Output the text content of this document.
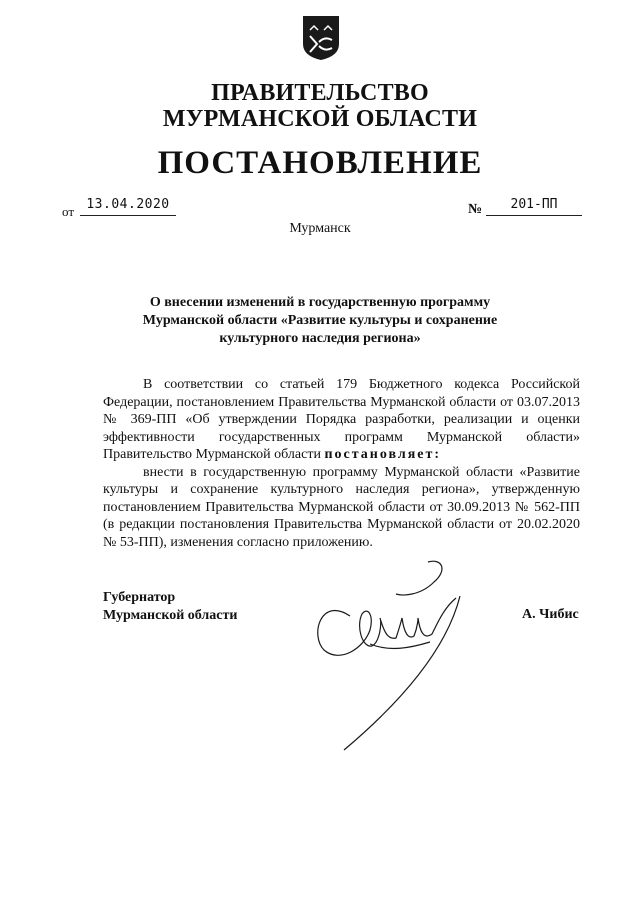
ПРАВИТЕЛЬСТВО
МУРМАНСКОЙ ОБЛАСТИ
ПОСТАНОВЛЕНИЕ
от 13.04.2020	№	201-ПП
Мурманск
О внесении изменений в государственную программу
Мурманской области «Развитие культуры и сохранение
культурного наследия региона»

В соответствии со статьей 179 Бюджетного кодекса Российской Федерации, постановлением Правительства Мурманской области от 03.07.2013 № 369-ПП «Об утверждении Порядка разработки, реализации и оценки эффективности государственных программ Мурманской области» Правительство Мурманской области постановляет:

внести в государственную программу Мурманской области «Развитие культуры и сохранение культурного наследия региона», утвержденную постановлением Правительства Мурманской области от 30.09.2013 № 562-ПП (в редакции постановления Правительства Мурманской области от 20.02.2020 № 53-ПП), изменения согласно приложению.

Губернатор
Мурманской области	А. Чибис
